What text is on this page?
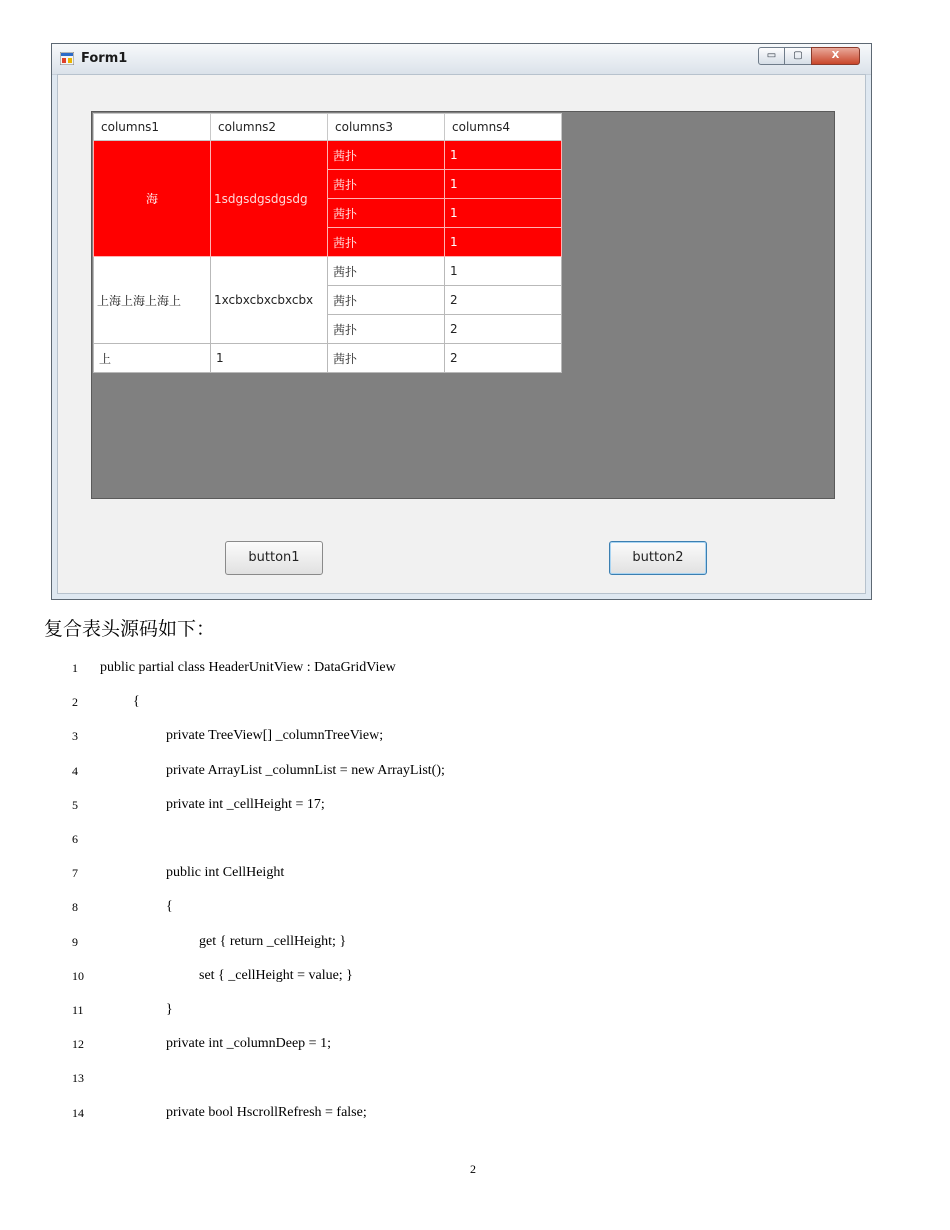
Form1	▭	▢	X
columns1	columns2	columns3	columns4
海	1sdgsdgsdgsdg	茜扑	1
		茜扑	1
		茜扑	1
		茜扑	1
上海上海上海上	1xcbxcbxcbxcbx	茜扑	1
		茜扑	2
		茜扑	2
上	1	茜扑	2
button1	button2
复合表头源码如下：
1	public partial class HeaderUnitView : DataGridView
2	{
3	private TreeView[] _columnTreeView;
4	private ArrayList _columnList = new ArrayList();
5	private int _cellHeight = 17;
6
7	public int CellHeight
8	{
9	get { return _cellHeight; }
10	set { _cellHeight = value; }
11	}
12	private int _columnDeep = 1;
13
14	private bool HscrollRefresh = false;
2
